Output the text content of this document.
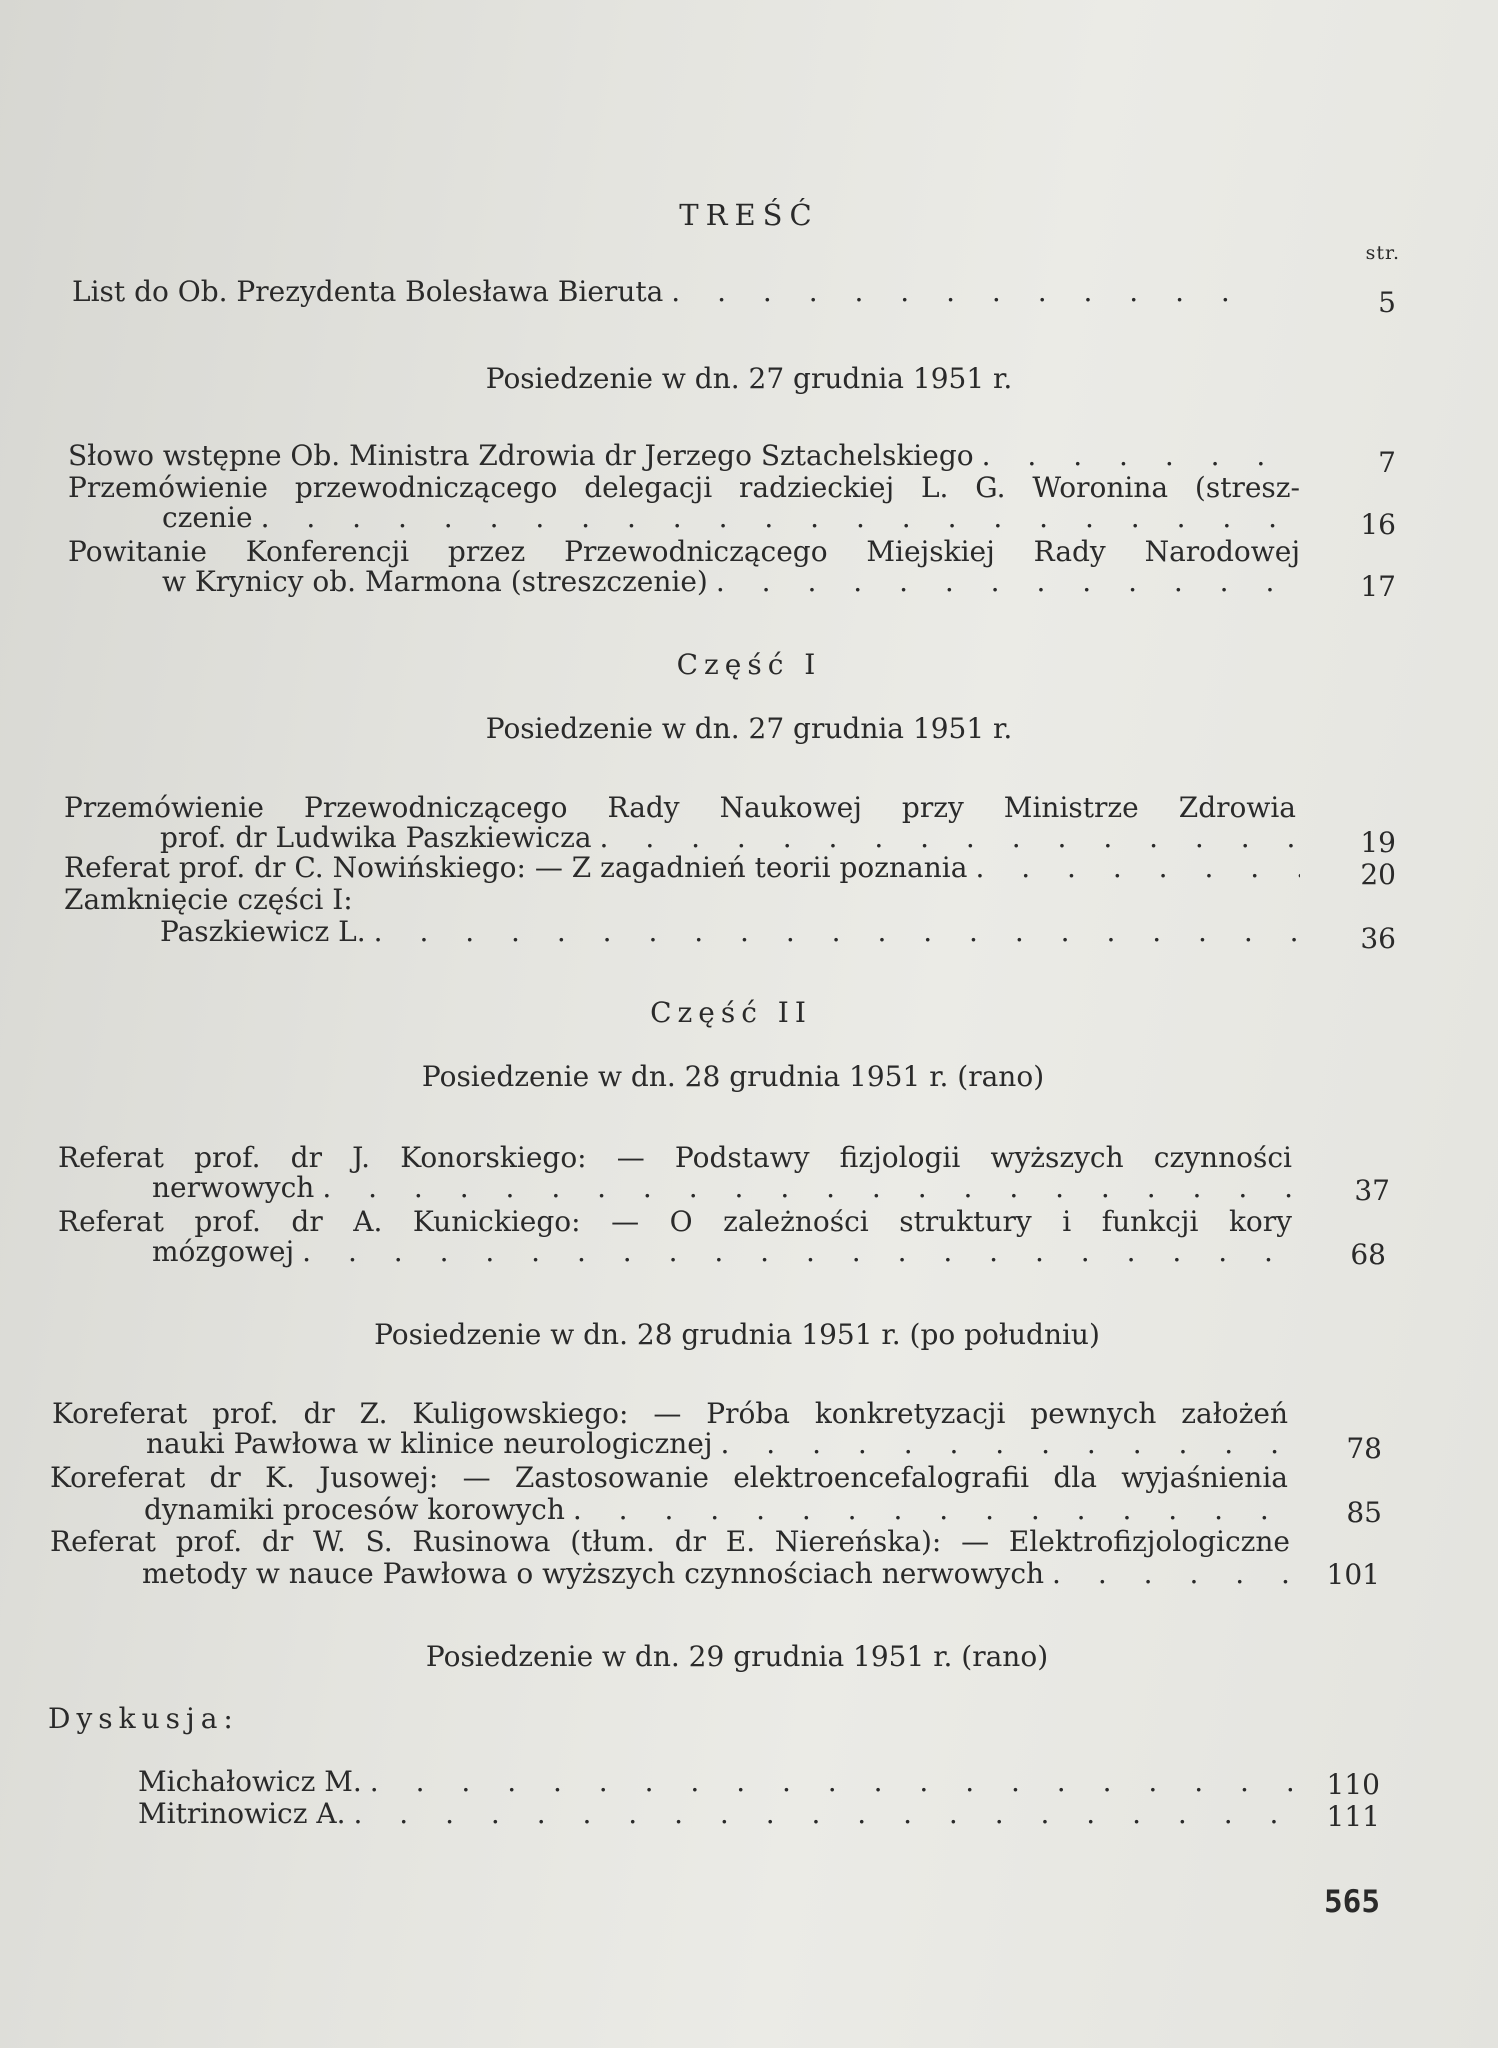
TREŚĆ
str.
List do Ob. Prezydenta Bolesława Bieruta . . .	5
Posiedzenie w dn. 27 grudnia 1951 r.
Słowo wstępne Ob. Ministra Zdrowia dr Jerzego Sztachelskiego . . .	7
Przemówienie przewodniczącego delegacji radzieckiej L. G. Woronina (stresz-
czenie . . .	16
Powitanie Konferencji przez Przewodniczącego Miejskiej Rady Narodowej
w Krynicy ob. Marmona (streszczenie) . . .	17
Część I
Posiedzenie w dn. 27 grudnia 1951 r.
Przemówienie Przewodniczącego Rady Naukowej przy Ministrze Zdrowia
prof. dr Ludwika Paszkiewicza . . .	19
Referat prof. dr C. Nowińskiego: — Z zagadnień teorii poznania . . .	20
Zamknięcie części I:
Paszkiewicz L. . . .	36
Część II
Posiedzenie w dn. 28 grudnia 1951 r. (rano)
Referat prof. dr J. Konorskiego: — Podstawy fizjologii wyższych czynności
nerwowych . . .	37
Referat prof. dr A. Kunickiego: — O zależności struktury i funkcji kory
mózgowej . . .	68
Posiedzenie w dn. 28 grudnia 1951 r. (po południu)
Koreferat prof. dr Z. Kuligowskiego: — Próba konkretyzacji pewnych założeń
nauki Pawłowa w klinice neurologicznej . . .	78
Koreferat dr K. Jusowej: — Zastosowanie elektroencefalografii dla wyjaśnienia
dynamiki procesów korowych . . .	85
Referat prof. dr W. S. Rusinowa (tłum. dr E. Niereńska): — Elektrofizjologiczne
metody w nauce Pawłowa o wyższych czynnościach nerwowych . . .	101
Posiedzenie w dn. 29 grudnia 1951 r. (rano)
Dyskusja:
Michałowicz M. . . .	110
Mitrinowicz A. . . .	111
565
